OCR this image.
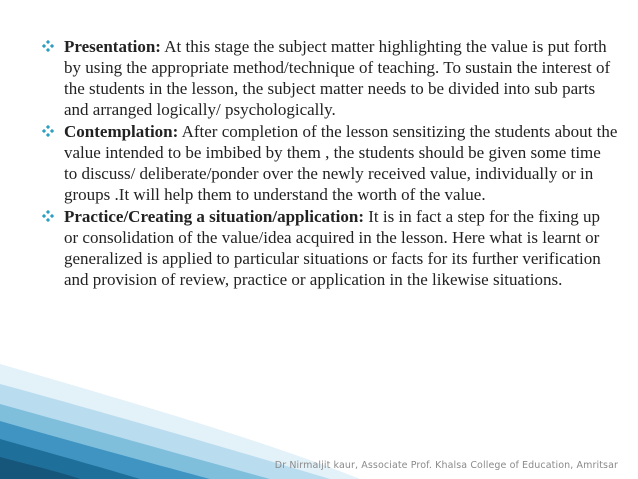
Presentation: At this stage the subject matter highlighting the value is put forth by using the appropriate method/technique of teaching. To sustain the interest of the students in the lesson, the subject matter needs to be divided into sub parts and arranged logically/ psychologically.
Contemplation: After completion of the lesson sensitizing the students about the value intended to be imbibed by them , the students should be given some time to discuss/ deliberate/ponder over the newly received value, individually or in groups .It will help them to understand the worth of the value.
Practice/Creating a situation/application: It is in fact a step for the fixing up or consolidation of the value/idea acquired in the lesson. Here what is learnt or generalized is applied to particular situations or facts for its further verification and provision of review, practice or application in the likewise situations.
Dr Nirmaljit kaur, Associate Prof. Khalsa College of Education, Amritsar
